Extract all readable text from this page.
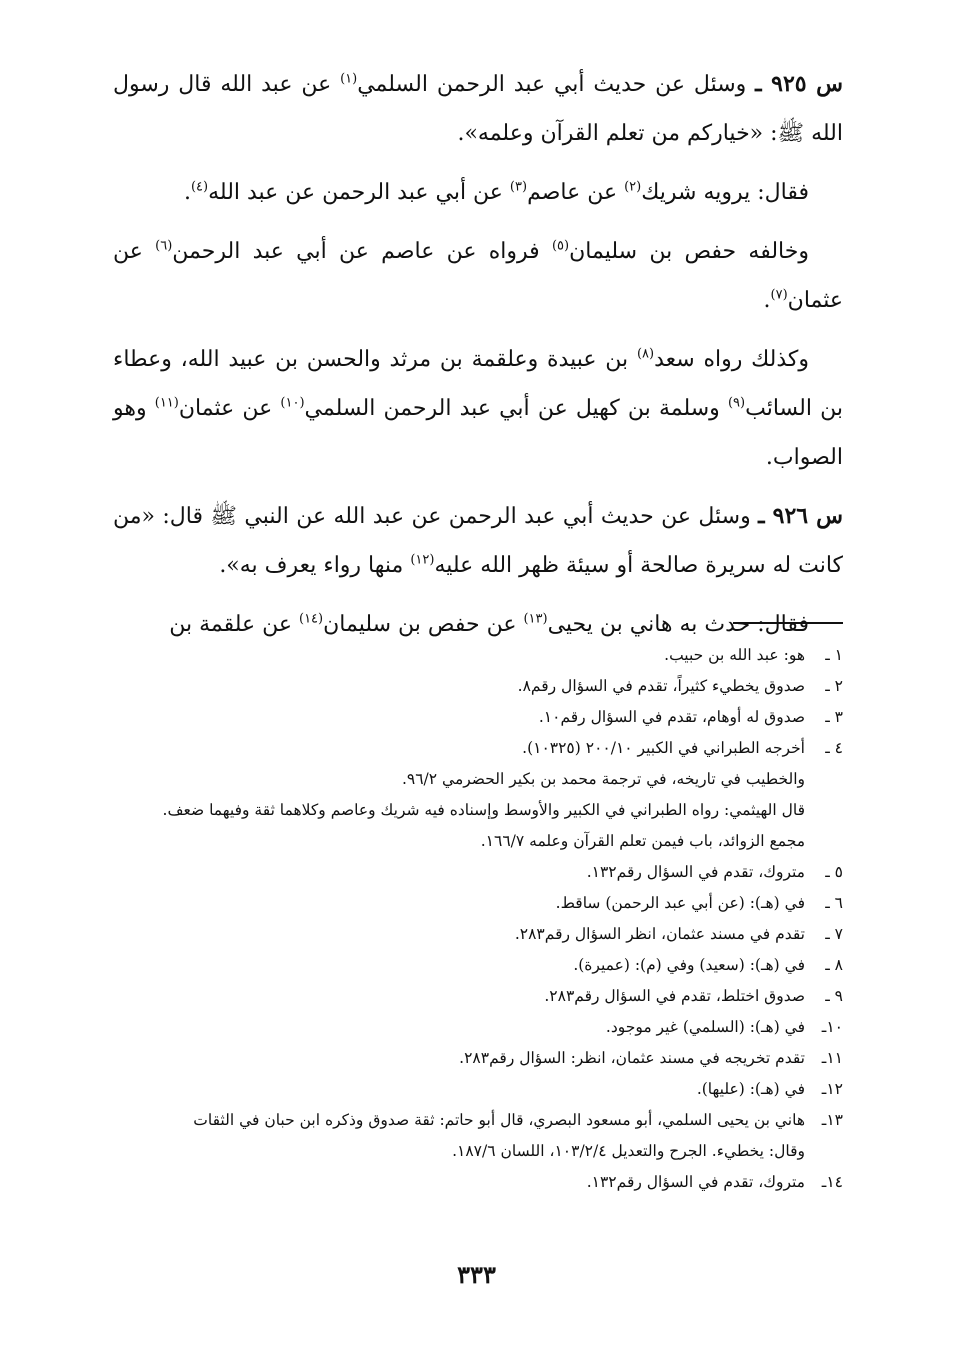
س ٩٢٥ ـ وسئل عن حديث أبي عبد الرحمن السلمي$^{(١)}$ عن عبد الله قال رسول الله ﷺ: «خياركم من تعلم القرآن وعلمه».

فقال: يرويه شريك$^{(٢)}$ عن عاصم$^{(٣)}$ عن أبي عبد الرحمن عن عبد الله$^{(٤)}$.

وخالفه حفص بن سليمان$^{(٥)}$ فرواه عن عاصم عن أبي عبد الرحمن$^{(٦)}$ عن عثمان$^{(٧)}$.

وكذلك رواه سعد$^{(٨)}$ بن عبيدة وعلقمة بن مرثد والحسن بن عبيد الله، وعطاء بن السائب$^{(٩)}$ وسلمة بن كهيل عن أبي عبد الرحمن السلمي$^{(١٠)}$ عن عثمان$^{(١١)}$ وهو الصواب.

س ٩٢٦ ـ وسئل عن حديث أبي عبد الرحمن عن عبد الله عن النبي ﷺ قال: «من كانت له سريرة صالحة أو سيئة ظهر الله عليه$^{(١٢)}$ منها رواء يعرف به».

فقال: حدث به هاني بن يحيى$^{(١٣)}$ عن حفص بن سليمان$^{(١٤)}$ عن علقمة بن

١ ـ
هو: عبد الله بن حبيب.
٢ ـ
صدوق يخطيء كثيراً، تقدم في السؤال رقم٨.
٣ ـ
صدوق له أوهام، تقدم في السؤال رقم١٠.
٤ ـ
أخرجه الطبراني في الكبير ٢٠٠/١٠ (١٠٣٢٥).
والخطيب في تاريخه، في ترجمة محمد بن بكير الحضرمي ٩٦/٢.
قال الهيثمي: رواه الطبراني في الكبير والأوسط وإسناده فيه شريك وعاصم وكلاهما ثقة وفيهما ضعف.
مجمع الزوائد، باب فيمن تعلم القرآن وعلمه ١٦٦/٧.
٥ ـ
متروك، تقدم في السؤال رقم١٣٢.
٦ ـ
في (هـ): (عن أبي عبد الرحمن) ساقط.
٧ ـ
تقدم في مسند عثمان، انظر السؤال رقم٢٨٣.
٨ ـ
في (هـ): (سعيد) وفي (م): (عميرة).
٩ ـ
صدوق اختلط، تقدم في السؤال رقم٢٨٣.
١٠ـ
في (هـ): (السلمي) غير موجود.
١١ـ
تقدم تخريجه في مسند عثمان، انظر: السؤال رقم٢٨٣.
١٢ـ
في (هـ): (عليها).
١٣ـ
هاني بن يحيى السلمي، أبو مسعود البصري، قال أبو حاتم: ثقة صدوق وذكره ابن حبان في الثقات
وقال: يخطيء. الجرح والتعديل ١٠٣/٢/٤، اللسان ١٨٧/٦.
١٤ـ
متروك، تقدم في السؤال رقم١٣٢.
٣٣٣
